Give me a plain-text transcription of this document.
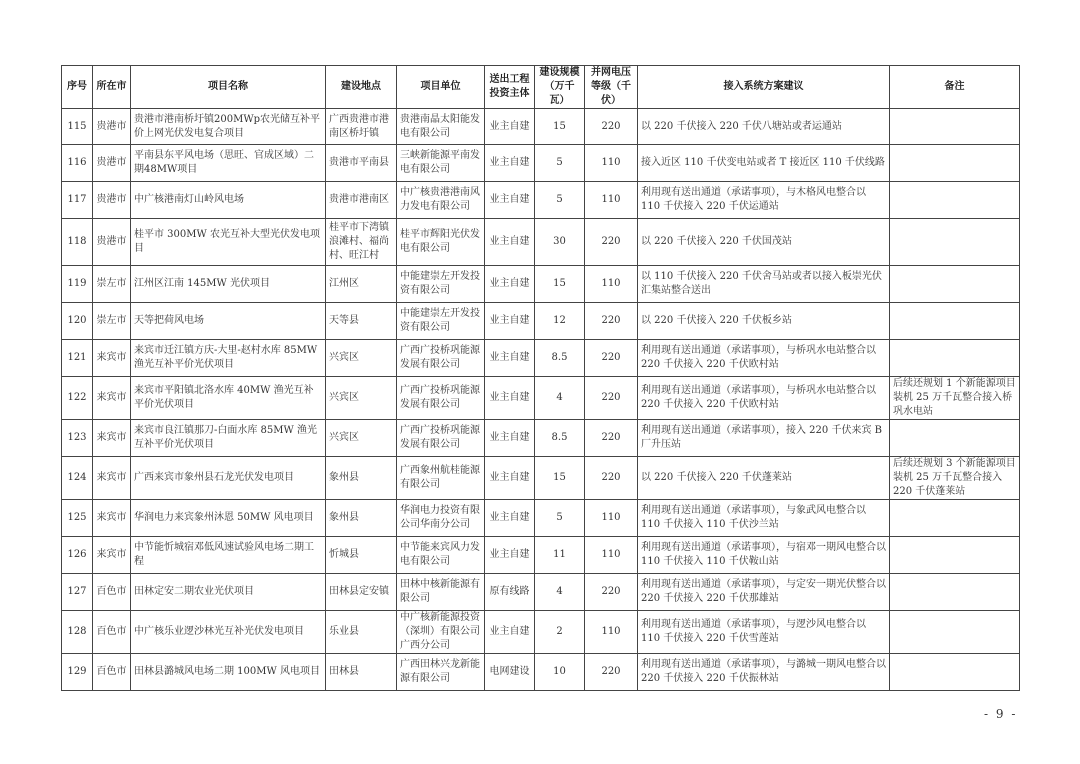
序号	所在市	项目名称	建设地点	项目单位	送出工程投资主体	建设规模（万千瓦）	并网电压等级（千伏）	接入系统方案建议	备注
115	贵港市	贵港市港南桥圩镇200MWp农光储互补平价上网光伏发电复合项目	广西贵港市港南区桥圩镇	贵港南晶太阳能发电有限公司	业主自建	15	220	以 220 千伏接入 220 千伏八塘站或者运通站	
116	贵港市	平南县东平风电场（思旺、官成区域）二期48MW项目	贵港市平南县	三峡新能源平南发电有限公司	业主自建	5	110	接入近区 110 千伏变电站或者 T 接近区 110 千伏线路	
117	贵港市	中广核港南灯山岭风电场	贵港市港南区	中广核贵港港南风力发电有限公司	业主自建	5	110	利用现有送出通道（承诺事项），与木格风电整合以 110 千伏接入 220 千伏运通站	
118	贵港市	桂平市 300MW 农光互补大型光伏发电项目	桂平市下湾镇浪滩村、福尚村、旺江村	桂平市辉阳光伏发电有限公司	业主自建	30	220	以 220 千伏接入 220 千伏国茂站	
119	崇左市	江州区江南 145MW 光伏项目	江州区	中能建崇左开发投资有限公司	业主自建	15	110	以 110 千伏接入 220 千伏舍马站或者以接入板崇光伏汇集站整合送出	
120	崇左市	天等把荷风电场	天等县	中能建崇左开发投资有限公司	业主自建	12	220	以 220 千伏接入 220 千伏板乡站	
121	来宾市	来宾市迁江镇方庆-大里-赵村水库 85MW 渔光互补平价光伏项目	兴宾区	广西广投桥巩能源发展有限公司	业主自建	8.5	220	利用现有送出通道（承诺事项），与桥巩水电站整合以 220 千伏接入 220 千伏欧村站	
122	来宾市	来宾市平阳镇北洛水库 40MW 渔光互补平价光伏项目	兴宾区	广西广投桥巩能源发展有限公司	业主自建	4	220	利用现有送出通道（承诺事项），与桥巩水电站整合以 220 千伏接入 220 千伏欧村站	后续还规划 1 个新能源项目装机 25 万千瓦整合接入桥巩水电站
123	来宾市	来宾市良江镇那刀-白面水库 85MW 渔光互补平价光伏项目	兴宾区	广西广投桥巩能源发展有限公司	业主自建	8.5	220	利用现有送出通道（承诺事项），接入 220 千伏来宾 B 厂升压站	
124	来宾市	广西来宾市象州县石龙光伏发电项目	象州县	广西象州航桂能源有限公司	业主自建	15	220	以 220 千伏接入 220 千伏蓬莱站	后续还规划 3 个新能源项目装机 25 万千瓦整合接入 220 千伏蓬莱站
125	来宾市	华润电力来宾象州沐恩 50MW 风电项目	象州县	华润电力投资有限公司华南分公司	业主自建	5	110	利用现有送出通道（承诺事项），与象武风电整合以 110 千伏接入 110 千伏沙兰站	
126	来宾市	中节能忻城宿邓低风速试验风电场二期工程	忻城县	中节能来宾风力发电有限公司	业主自建	11	110	利用现有送出通道（承诺事项），与宿邓一期风电整合以 110 千伏接入 110 千伏鞍山站	
127	百色市	田林定安二期农业光伏项目	田林县定安镇	田林中核新能源有限公司	原有线路	4	220	利用现有送出通道（承诺事项），与定安一期光伏整合以 220 千伏接入 220 千伏那雄站	
128	百色市	中广核乐业逻沙林光互补光伏发电项目	乐业县	中广核新能源投资（深圳）有限公司广西分公司	业主自建	2	110	利用现有送出通道（承诺事项），与逻沙风电整合以 110 千伏接入 220 千伏雪莲站	
129	百色市	田林县潞城风电场二期 100MW 风电项目	田林县	广西田林兴龙新能源有限公司	电网建设	10	220	利用现有送出通道（承诺事项），与潞城一期风电整合以 220 千伏接入 220 千伏振林站	
- 9 -
